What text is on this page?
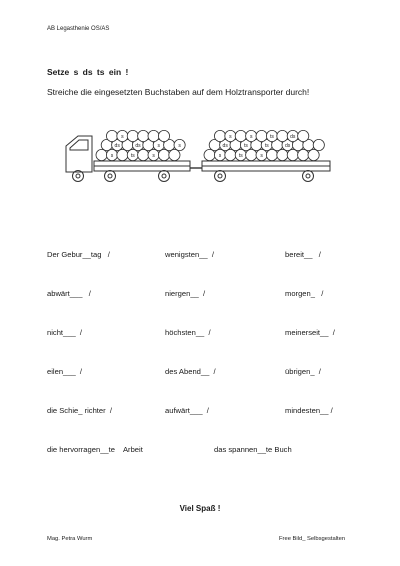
AB Legasthenie OS/AS
Setze s ds ts ein !
Streiche die eingesetzten Buchstaben auf dem Holztransporter durch!
s	ts	s
ds	ds	s	s
s
s	ts	s
ds	ts	ts	ds
s	s	ts	ds
Der Gebur__tag   /	wenigsten__  /	bereit__   /
abwärt___   /	niergen__  /	morgen_   /
nicht___  /	höchsten__  /	meinerseit__  /
eilen___  /	des Abend__  /	übrigen_  /
die Schie_ richter  /	aufwärt___  /	mindesten__ /
die hervorragen__te    Arbeit	das spannen__te Buch
Viel Spaß !
Mag. Petra Wurm	Free Bild_ Selbsgestalten
